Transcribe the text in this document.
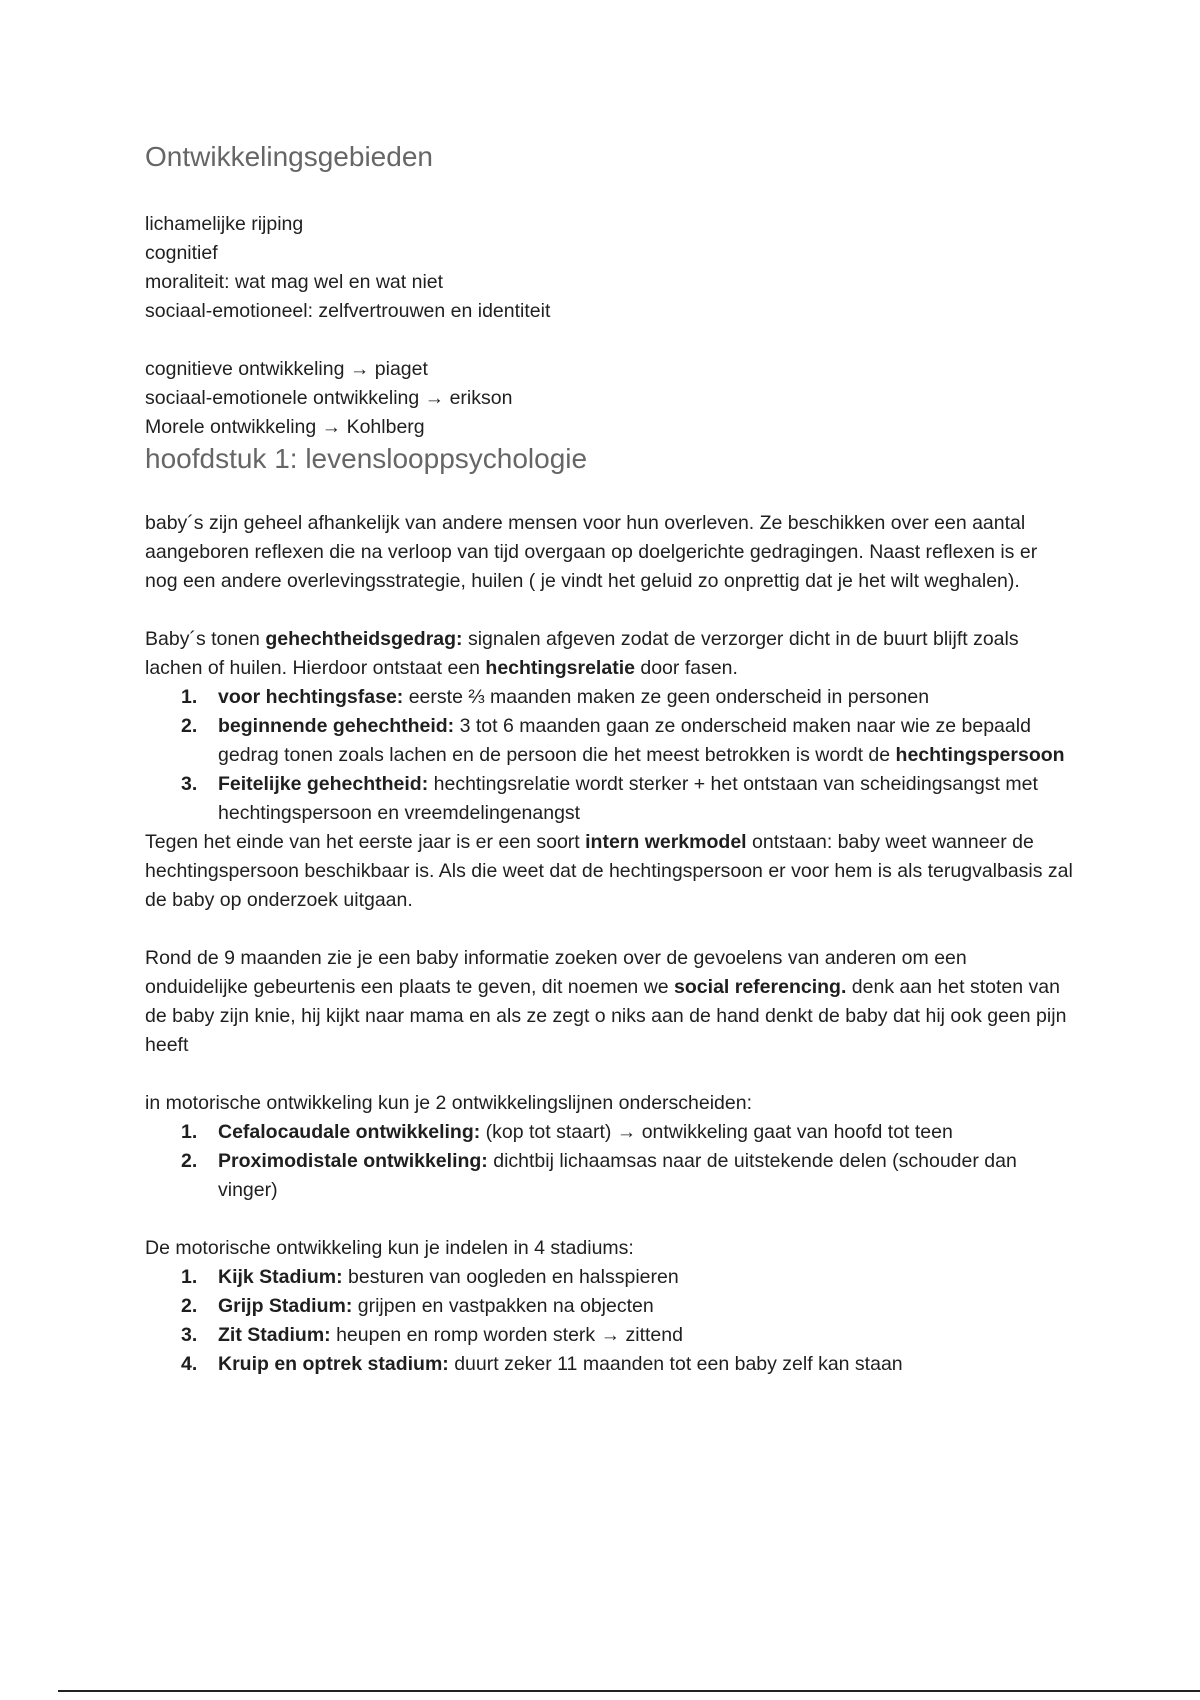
Ontwikkelingsgebieden

lichamelijke rijping

cognitief

moraliteit: wat mag wel en wat niet

sociaal-emotioneel: zelfvertrouwen en identiteit

cognitieve ontwikkeling → piaget

sociaal-emotionele ontwikkeling → erikson

Morele ontwikkeling → Kohlberg

hoofdstuk 1: levenslooppsychologie

baby´s zijn geheel afhankelijk van andere mensen voor hun overleven. Ze beschikken over een aantal aangeboren reflexen die na verloop van tijd overgaan op doelgerichte gedragingen. Naast reflexen is er nog een andere overlevingsstrategie, huilen ( je vindt het geluid zo onprettig dat je het wilt weghalen).

Baby´s tonen gehechtheidsgedrag: signalen afgeven zodat de verzorger dicht in de buurt blijft zoals lachen of huilen. Hierdoor ontstaat een hechtingsrelatie door fasen.

1. voor hechtingsfase: eerste ⅔ maanden maken ze geen onderscheid in personen
2. beginnende gehechtheid: 3 tot 6 maanden gaan ze onderscheid maken naar wie ze bepaald gedrag tonen zoals lachen en de persoon die het meest betrokken is wordt de hechtingspersoon
3. Feitelijke gehechtheid: hechtingsrelatie wordt sterker + het ontstaan van scheidingsangst met hechtingspersoon en vreemdelingenangst

Tegen het einde van het eerste jaar is er een soort intern werkmodel ontstaan: baby weet wanneer de hechtingspersoon beschikbaar is. Als die weet dat de hechtingspersoon er voor hem is als terugvalbasis zal de baby op onderzoek uitgaan.

Rond de 9 maanden zie je een baby informatie zoeken over de gevoelens van anderen om een onduidelijke gebeurtenis een plaats te geven, dit noemen we social referencing. denk aan het stoten van de baby zijn knie, hij kijkt naar mama en als ze zegt o niks aan de hand denkt de baby dat hij ook geen pijn heeft

in motorische ontwikkeling kun je 2 ontwikkelingslijnen onderscheiden:

1. Cefalocaudale ontwikkeling: (kop tot staart) → ontwikkeling gaat van hoofd tot teen
2. Proximodistale ontwikkeling: dichtbij lichaamsas naar de uitstekende delen (schouder dan vinger)

De motorische ontwikkeling kun je indelen in 4 stadiums:

1. Kijk Stadium: besturen van oogleden en halsspieren
2. Grijp Stadium: grijpen en vastpakken na objecten
3. Zit Stadium: heupen en romp worden sterk → zittend
4. Kruip en optrek stadium: duurt zeker 11 maanden tot een baby zelf kan staan
